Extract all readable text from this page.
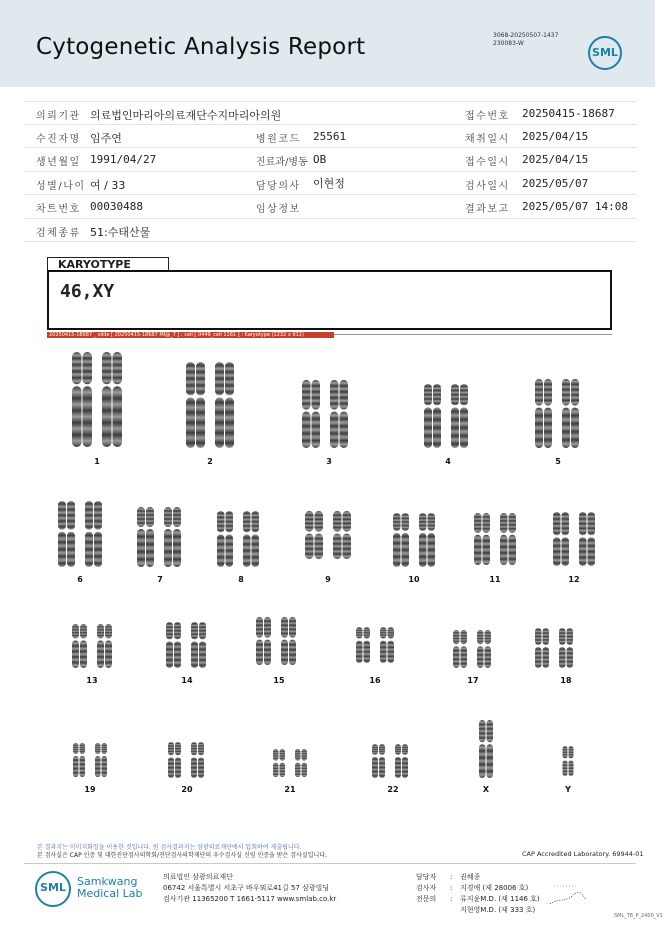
Cytogenetic Analysis Report	3068-20250507-1437
230083-W
SML
의뢰기관 의료법인마리아의료재단수지마리아의원	접수번호 20250415-18687
수진자명 임주연	병원코드 25561	채취일시 2025/04/15
생년월일 1991/04/27	진료과/병동 OB	접수일시 2025/04/15
성별/나이 여 / 33	담당의사 이현정	검사일시 2025/05/07
차트번호 00030488	임상정보	결과보고 2025/05/07 14:08
검체종류 51:수태산물
KARYOTYPE
46,XY
20250415-18687 _ slide [ 20250415-18687 MI@_7 ] : cell [ 0449_cell 1161 ] : Karyotype (1232 x 912)
1	2	3	4	5
6	7	8	9	10	11	12
13	14	15	16	17	18
19	20	21	22	X	Y
본 결과지는 이미지화일을 이용한 것입니다. 원 검사결과지는 삼광의료재단에서 입회하여 제출됩니다.
본 검사실은 CAP 인증 및 대한진단검사의학회/진단검사의학재단의 우수검사실 신임 인증을 받은 검사실입니다.	CAP Accredited Laboratory. 69944-01
SML Samkwang
Medical Lab
의료법인 삼광의료재단
06742 서울특별시 서초구 바우뫼로41길 57 삼광빌딩
검사기관 11365200 T 1661-5117 www.smlab.co.kr
담당자	:	권혜종
검사자	:	지경애 (제 28006 호)
전문의	:	류지윤M.D. (제 1146 호)
지현영M.D. (제 333 호)
SML_T6_P_2400_V1
